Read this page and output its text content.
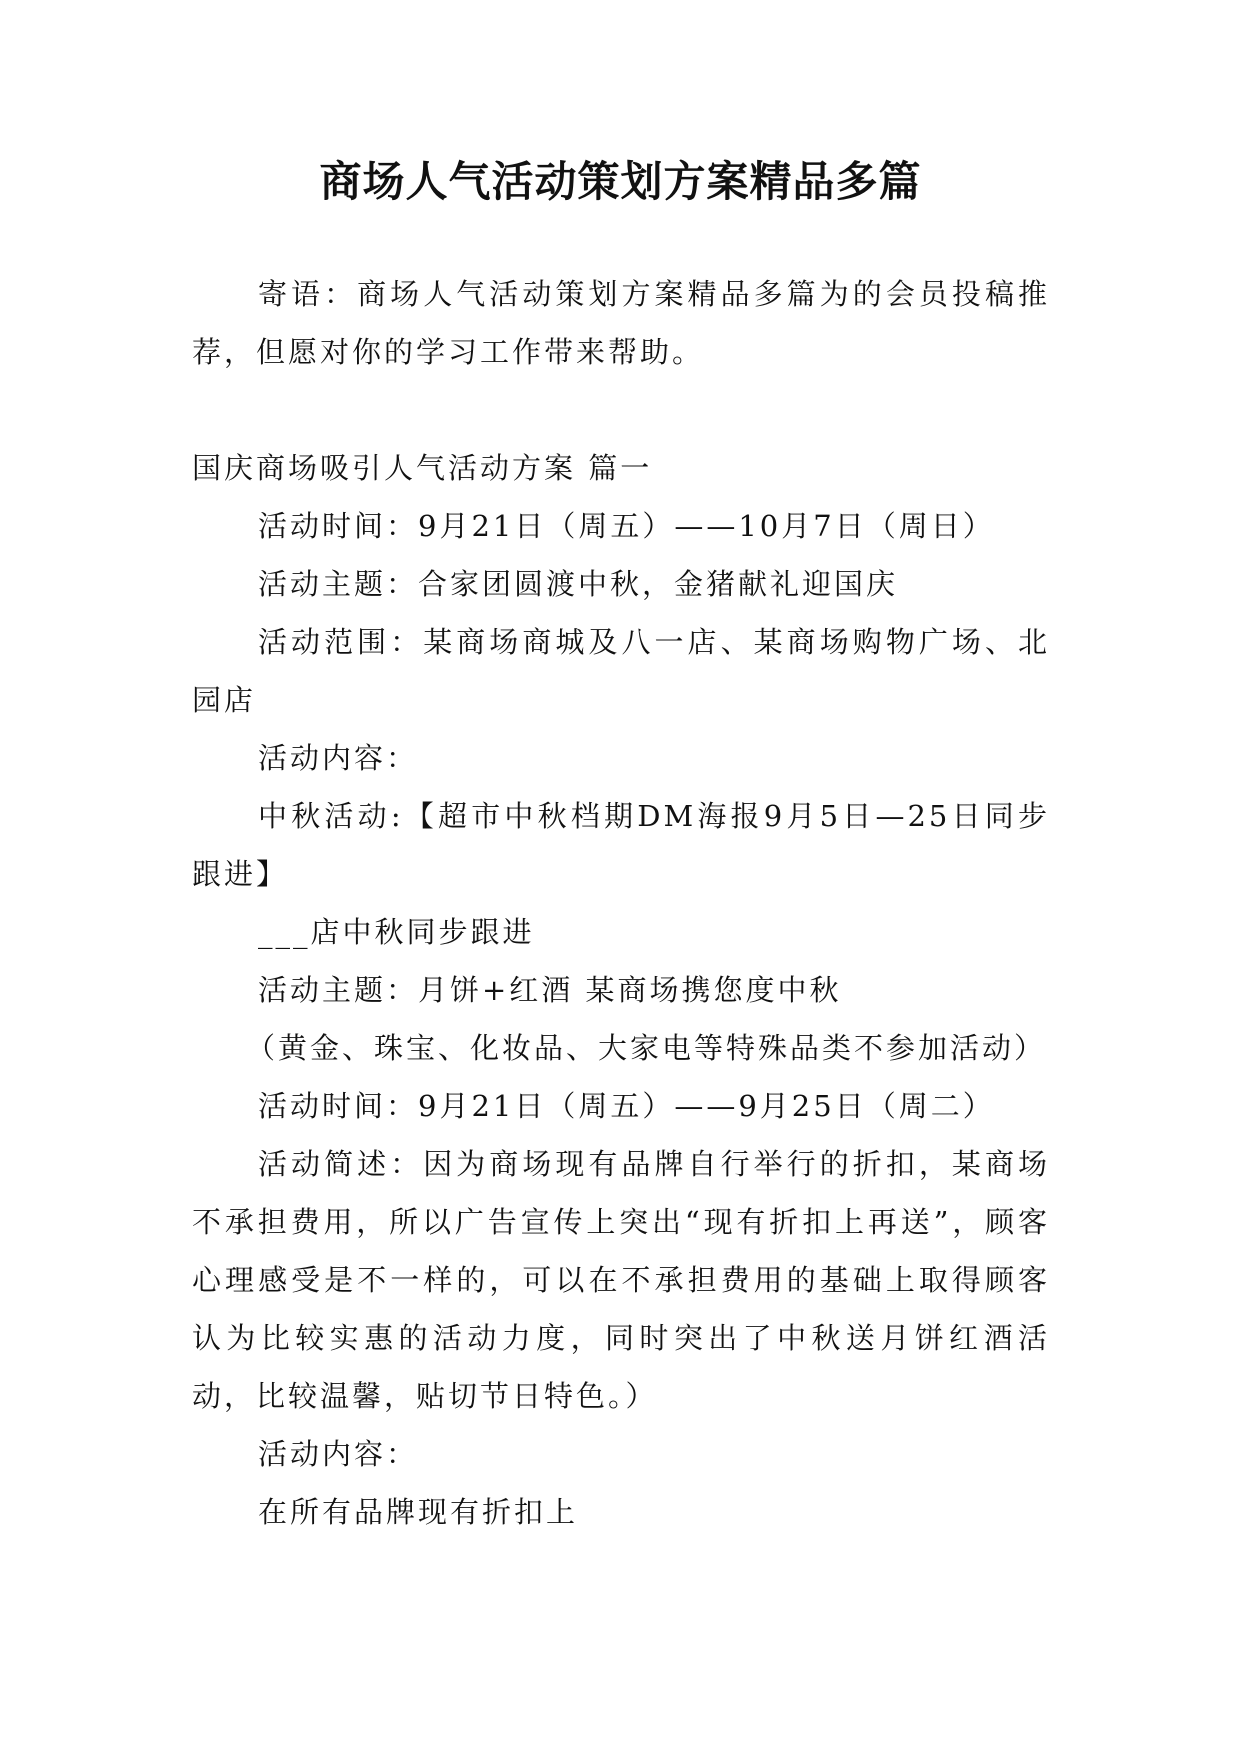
商场人气活动策划方案精品多篇

寄语：商场人气活动策划方案精品多篇为的会员投稿推荐，但愿对你的学习工作带来帮助。

国庆商场吸引人气活动方案 篇一

活动时间：9月21日（周五）——10月7日（周日）

活动主题：合家团圆渡中秋，金猪献礼迎国庆

活动范围：某商场商城及八一店、某商场购物广场、北园店

活动内容：

中秋活动:【超市中秋档期DM海报9月5日—25日同步跟进】

___店中秋同步跟进

活动主题：月饼+红酒 某商场携您度中秋

（黄金、珠宝、化妆品、大家电等特殊品类不参加活动）

活动时间：9月21日（周五）——9月25日（周二）

活动简述：因为商场现有品牌自行举行的折扣，某商场不承担费用，所以广告宣传上突出“现有折扣上再送”，顾客心理感受是不一样的，可以在不承担费用的基础上取得顾客认为比较实惠的活动力度，同时突出了中秋送月饼红酒活动，比较温馨，贴切节日特色。）

活动内容：

在所有品牌现有折扣上
